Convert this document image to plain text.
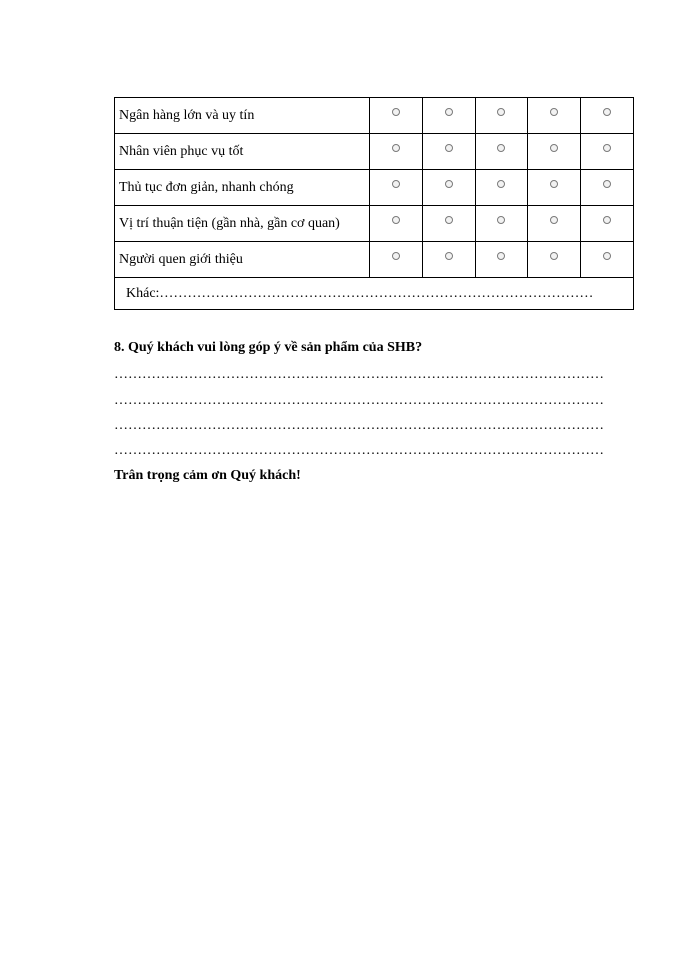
Ngân hàng lớn và uy tín					
Nhân viên phục vụ tốt					
Thủ tục đơn giản, nhanh chóng					
Vị trí thuận tiện (gần nhà, gần cơ quan)					
Người quen giới thiệu					
Khác:…………………………………………………………………………………					
8. Quý khách vui lòng góp ý về sản phẩm của SHB?
……………………………………………………………………………………………
……………………………………………………………………………………………
……………………………………………………………………………………………
……………………………………………………………………………………………
Trân trọng cảm ơn Quý khách!
